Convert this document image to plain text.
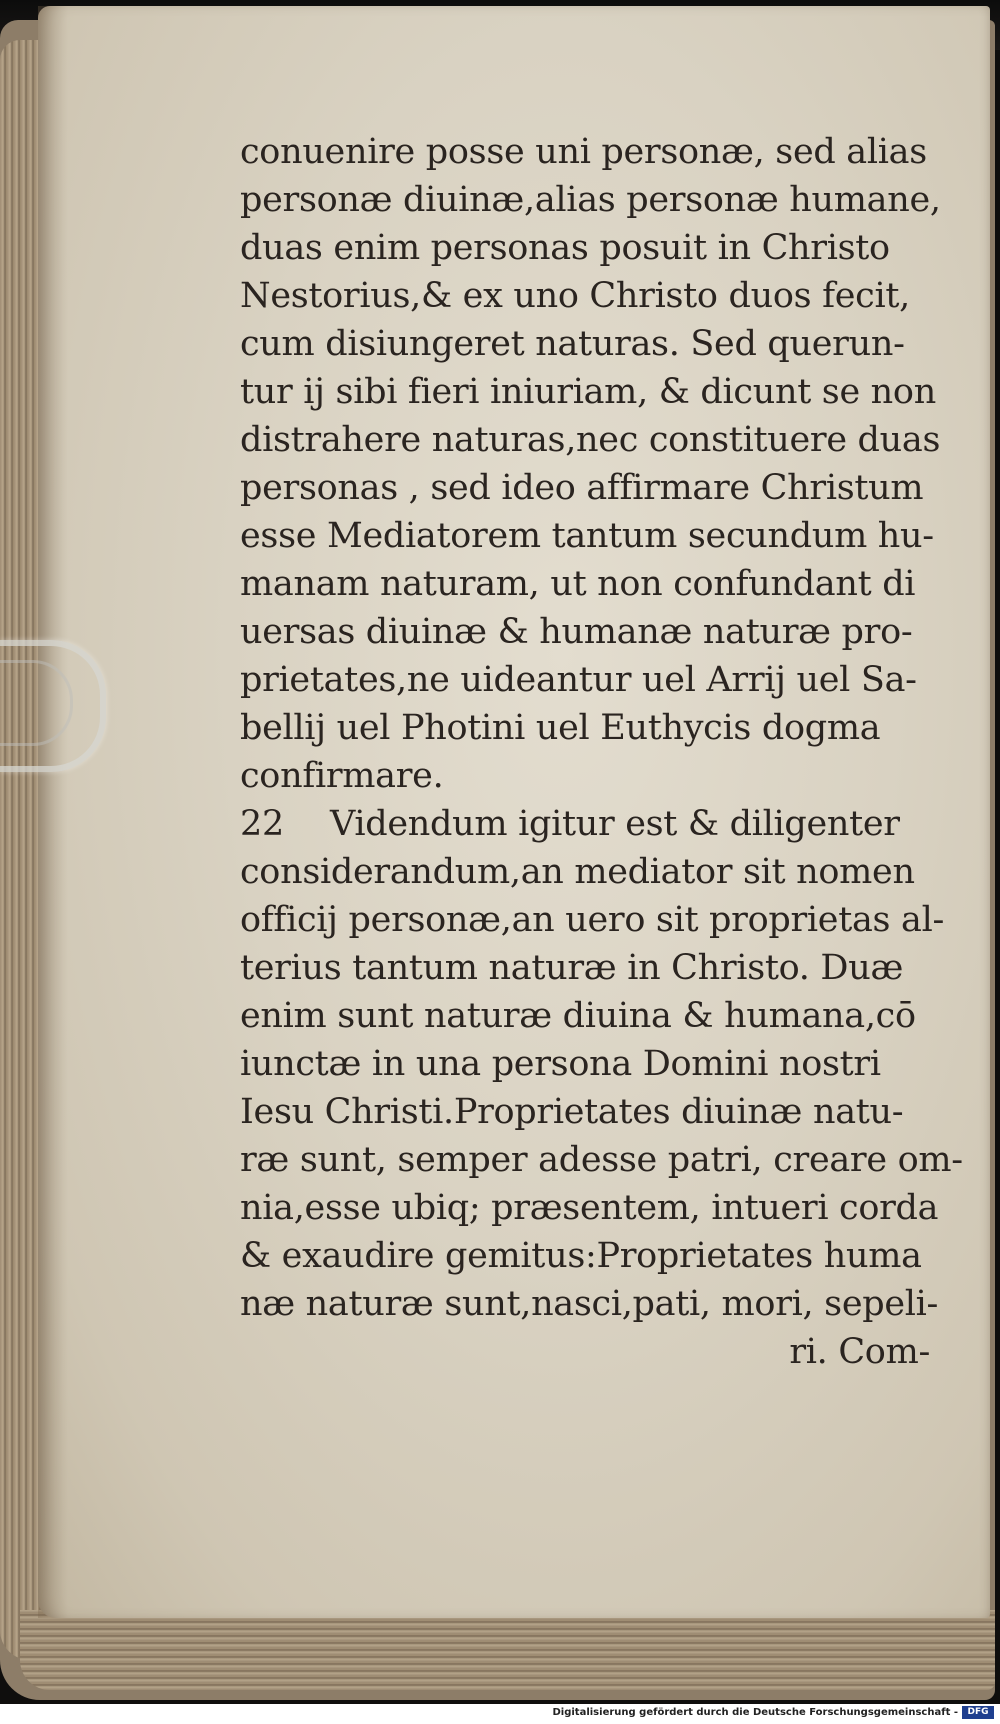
conuenire posse uni personæ, sed alias
personæ diuinæ,alias personæ humane,
duas enim personas posuit in Christo
Nestorius,& ex uno Christo duos fecit,
cum disiungeret naturas. Sed querun-
tur ij sibi fieri iniuriam, & dicunt se non
distrahere naturas,nec constituere duas
personas , sed ideo affirmare Christum
esse Mediatorem tantum secundum hu-
manam naturam, ut non confundant di
uersas diuinæ & humanæ naturæ pro-
prietates,ne uideantur uel Arrij uel Sa-
bellij uel Photini uel Euthycis dogma
confirmare.
22 Videndum igitur est & diligenter
considerandum,an mediator sit nomen
officij personæ,an uero sit proprietas al-
terius tantum naturæ in Christo. Duæ
enim sunt naturæ diuina & humana,cō
iunctæ in una persona Domini nostri
Iesu Christi.Proprietates diuinæ natu-
ræ sunt, semper adesse patri, creare om-
nia,esse ubiq; præsentem, intueri corda
& exaudire gemitus:Proprietates huma
næ naturæ sunt,nasci,pati, mori, sepeli-
ri. Com-
Digitalisierung gefördert durch die Deutsche Forschungsgemeinschaft -	DFG
